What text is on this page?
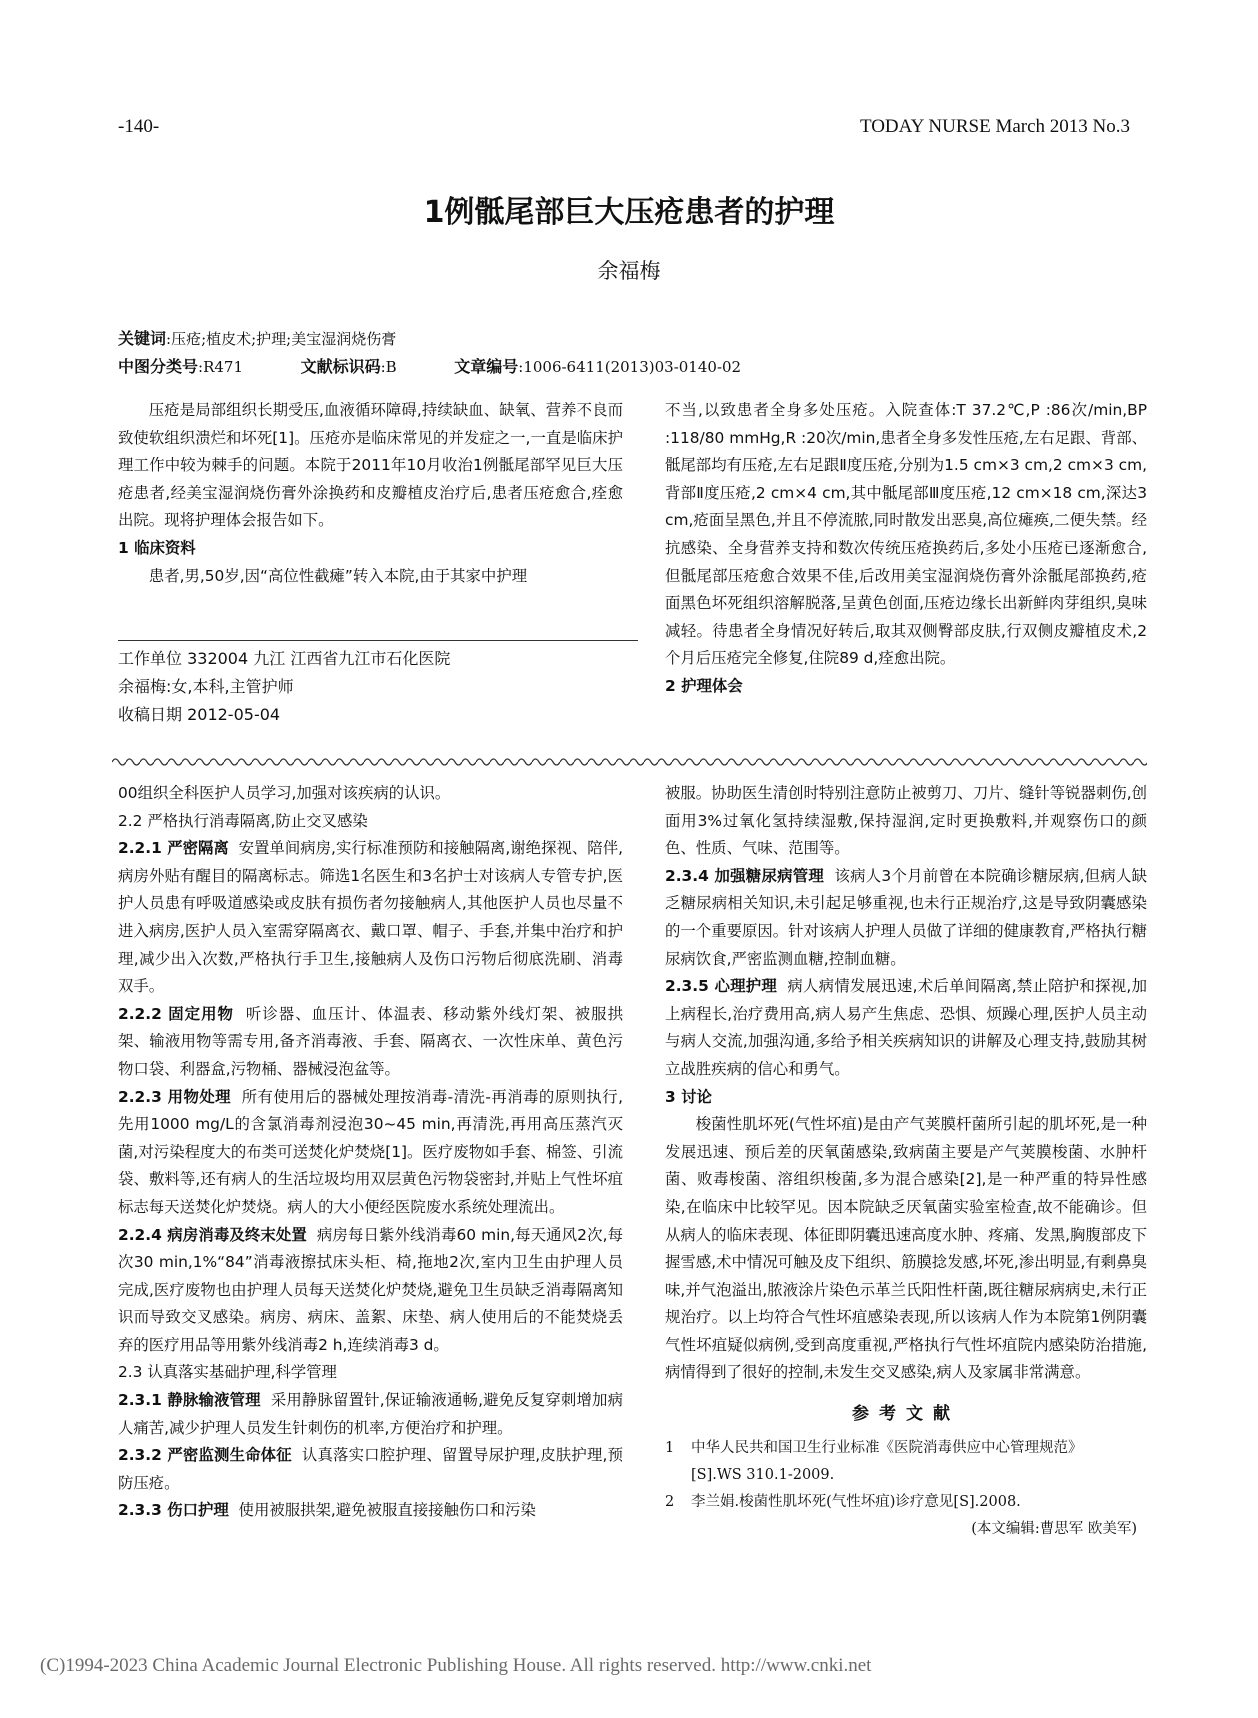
-140-	TODAY NURSE March 2013 No.3
1例骶尾部巨大压疮患者的护理
余福梅
关键词:压疮;植皮术;护理;美宝湿润烧伤膏
中图分类号:R471	文献标识码:B	文章编号:1006-6411(2013)03-0140-02

压疮是局部组织长期受压,血液循环障碍,持续缺血、缺氧、营养不良而致使软组织溃烂和坏死[1]。压疮亦是临床常见的并发症之一,一直是临床护理工作中较为棘手的问题。本院于2011年10月收治1例骶尾部罕见巨大压疮患者,经美宝湿润烧伤膏外涂换药和皮瓣植皮治疗后,患者压疮愈合,痊愈出院。现将护理体会报告如下。

1 临床资料

患者,男,50岁,因“高位性截瘫”转入本院,由于其家中护理

工作单位 332004 九江 江西省九江市石化医院
余福梅:女,本科,主管护师
收稿日期 2012-05-04

不当,以致患者全身多处压疮。入院查体:T 37.2℃,P :86次/min,BP :118/80 mmHg,R :20次/min,患者全身多发性压疮,左右足跟、背部、骶尾部均有压疮,左右足跟Ⅱ度压疮,分别为1.5 cm×3 cm,2 cm×3 cm,背部Ⅱ度压疮,2 cm×4 cm,其中骶尾部Ⅲ度压疮,12 cm×18 cm,深达3 cm,疮面呈黑色,并且不停流脓,同时散发出恶臭,高位瘫痪,二便失禁。经抗感染、全身营养支持和数次传统压疮换药后,多处小压疮已逐渐愈合,但骶尾部压疮愈合效果不佳,后改用美宝湿润烧伤膏外涂骶尾部换药,疮面黑色坏死组织溶解脱落,呈黄色创面,压疮边缘长出新鲜肉芽组织,臭味减轻。待患者全身情况好转后,取其双侧臀部皮肤,行双侧皮瓣植皮术,2个月后压疮完全修复,住院89 d,痊愈出院。

2 护理体会

00组织全科医护人员学习,加强对该疾病的认识。

2.2 严格执行消毒隔离,防止交叉感染

2.2.1 严密隔离 安置单间病房,实行标准预防和接触隔离,谢绝探视、陪伴,病房外贴有醒目的隔离标志。筛选1名医生和3名护士对该病人专管专护,医护人员患有呼吸道感染或皮肤有损伤者勿接触病人,其他医护人员也尽量不进入病房,医护人员入室需穿隔离衣、戴口罩、帽子、手套,并集中治疗和护理,减少出入次数,严格执行手卫生,接触病人及伤口污物后彻底洗刷、消毒双手。

2.2.2 固定用物 听诊器、血压计、体温表、移动紫外线灯架、被服拱架、输液用物等需专用,备齐消毒液、手套、隔离衣、一次性床单、黄色污物口袋、利器盒,污物桶、器械浸泡盆等。

2.2.3 用物处理 所有使用后的器械处理按消毒-清洗-再消毒的原则执行,先用1000 mg/L的含氯消毒剂浸泡30~45 min,再清洗,再用高压蒸汽灭菌,对污染程度大的布类可送焚化炉焚烧[1]。医疗废物如手套、棉签、引流袋、敷料等,还有病人的生活垃圾均用双层黄色污物袋密封,并贴上气性坏疽标志每天送焚化炉焚烧。病人的大小便经医院废水系统处理流出。

2.2.4 病房消毒及终末处置 病房每日紫外线消毒60 min,每天通风2次,每次30 min,1%“84”消毒液擦拭床头柜、椅,拖地2次,室内卫生由护理人员完成,医疗废物也由护理人员每天送焚化炉焚烧,避免卫生员缺乏消毒隔离知识而导致交叉感染。病房、病床、盖絮、床垫、病人使用后的不能焚烧丢弃的医疗用品等用紫外线消毒2 h,连续消毒3 d。

2.3 认真落实基础护理,科学管理

2.3.1 静脉输液管理 采用静脉留置针,保证输液通畅,避免反复穿刺增加病人痛苦,减少护理人员发生针刺伤的机率,方便治疗和护理。

2.3.2 严密监测生命体征 认真落实口腔护理、留置导尿护理,皮肤护理,预防压疮。

2.3.3 伤口护理 使用被服拱架,避免被服直接接触伤口和污染

被服。协助医生清创时特别注意防止被剪刀、刀片、缝针等锐器刺伤,创面用3%过氧化氢持续湿敷,保持湿润,定时更换敷料,并观察伤口的颜色、性质、气味、范围等。

2.3.4 加强糖尿病管理 该病人3个月前曾在本院确诊糖尿病,但病人缺乏糖尿病相关知识,未引起足够重视,也未行正规治疗,这是导致阴囊感染的一个重要原因。针对该病人护理人员做了详细的健康教育,严格执行糖尿病饮食,严密监测血糖,控制血糖。

2.3.5 心理护理 病人病情发展迅速,术后单间隔离,禁止陪护和探视,加上病程长,治疗费用高,病人易产生焦虑、恐惧、烦躁心理,医护人员主动与病人交流,加强沟通,多给予相关疾病知识的讲解及心理支持,鼓励其树立战胜疾病的信心和勇气。

3 讨论

梭菌性肌坏死(气性坏疽)是由产气荚膜杆菌所引起的肌坏死,是一种发展迅速、预后差的厌氧菌感染,致病菌主要是产气荚膜梭菌、水肿杆菌、败毒梭菌、溶组织梭菌,多为混合感染[2],是一种严重的特异性感染,在临床中比较罕见。因本院缺乏厌氧菌实验室检查,故不能确诊。但从病人的临床表现、体征即阴囊迅速高度水肿、疼痛、发黑,胸腹部皮下握雪感,术中情况可触及皮下组织、筋膜捻发感,坏死,渗出明显,有剩鼻臭味,并气泡溢出,脓液涂片染色示革兰氏阳性杆菌,既往糖尿病病史,未行正规治疗。以上均符合气性坏疽感染表现,所以该病人作为本院第1例阴囊气性坏疽疑似病例,受到高度重视,严格执行气性坏疽院内感染防治措施,病情得到了很好的控制,未发生交叉感染,病人及家属非常满意。

参考文献
1 中华人民共和国卫生行业标准《医院消毒供应中心管理规范》
[S].WS 310.1-2009.
2 李兰娟.梭菌性肌坏死(气性坏疽)诊疗意见[S].2008.
(本文编辑:曹思军 欧美军)
(C)1994-2023 China Academic Journal Electronic Publishing House. All rights reserved. http://www.cnki.net
